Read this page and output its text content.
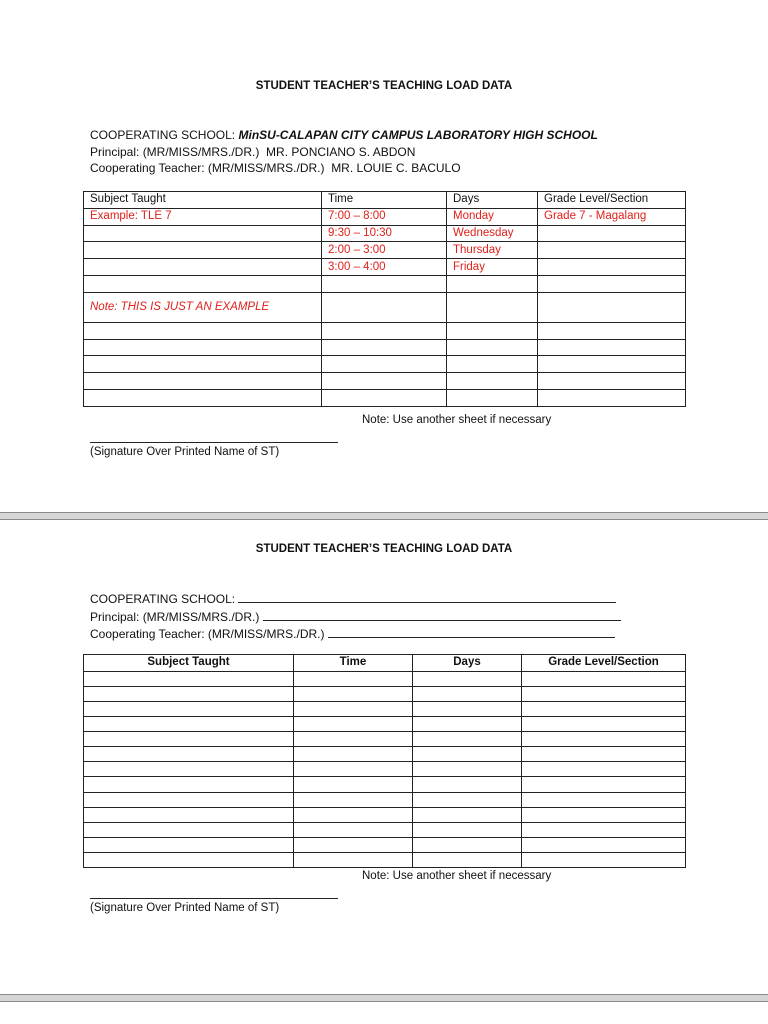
STUDENT TEACHER’S TEACHING LOAD DATA
COOPERATING SCHOOL: MinSU-CALAPAN CITY CAMPUS LABORATORY HIGH SCHOOL
Principal: (MR/MISS/MRS./DR.) MR. PONCIANO S. ABDON
Cooperating Teacher: (MR/MISS/MRS./DR.) MR. LOUIE C. BACULO
Subject Taught	Time	Days	Grade Level/Section
Example: TLE 7	7:00 – 8:00	Monday	Grade 7 - Magalang
	9:30 – 10:30	Wednesday	
	2:00 – 3:00	Thursday	
	3:00 – 4:00	Friday	

Note: THIS IS JUST AN EXAMPLE			

Note: Use another sheet if necessary
(Signature Over Printed Name of ST)
STUDENT TEACHER’S TEACHING LOAD DATA
COOPERATING SCHOOL:
Principal: (MR/MISS/MRS./DR.)
Cooperating Teacher: (MR/MISS/MRS./DR.)
Subject Taught	Time	Days	Grade Level/Section

Note: Use another sheet if necessary
(Signature Over Printed Name of ST)
